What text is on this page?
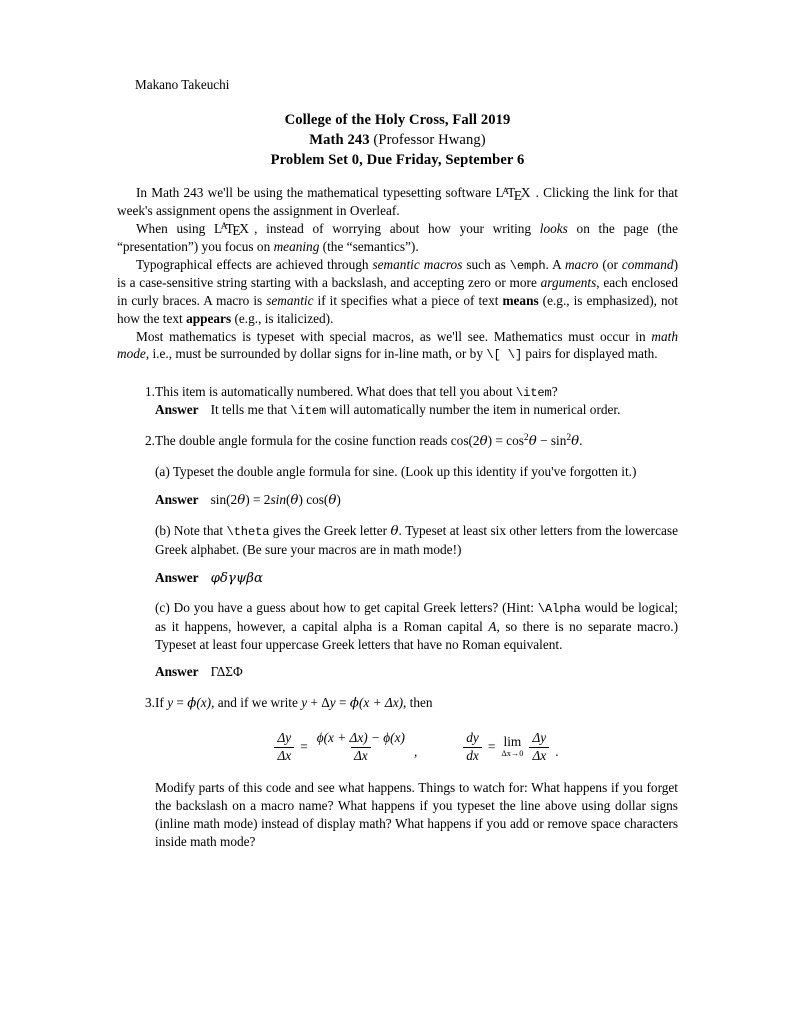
Makano Takeuchi
College of the Holy Cross, Fall 2019
Math 243 (Professor Hwang)
Problem Set 0, Due Friday, September 6

In Math 243 we'll be using the mathematical typesetting software $L^ATEX$ . Clicking the link for that week's assignment opens the assignment in Overleaf.

When using $L^ATEX$ , instead of worrying about how your writing looks on the page (the “presentation”) you focus on meaning (the “semantics”).

Typographical effects are achieved through semantic macros such as \emph. A macro (or command) is a case-sensitive string starting with a backslash, and accepting zero or more arguments, each enclosed in curly braces. A macro is semantic if it specifies what a piece of text means (e.g., is emphasized), not how the text appears (e.g., is italicized).

Most mathematics is typeset with special macros, as we'll see. Mathematics must occur in math mode, i.e., must be surrounded by dollar signs for in-line math, or by \[ \] pairs for displayed math.

1. This item is automatically numbered. What does that tell you about \item?
Answer It tells me that \item will automatically number the item in numerical order.
2. The double angle formula for the cosine function reads $\cos(2\theta) = \cos^2\theta - \sin^2\theta$.
(a) Typeset the double angle formula for sine. (Look up this identity if you've forgotten it.)
Answer sin(2θ) = 2sin(θ) cos(θ)
(b) Note that \theta gives the Greek letter θ. Typeset at least six other letters from the lowercase Greek alphabet. (Be sure your macros are in math mode!)
Answer φδγψβα
(c) Do you have a guess about how to get capital Greek letters? (Hint: \Alpha would be logical; as it happens, however, a capital alpha is a Roman capital A, so there is no separate macro.) Typeset at least four uppercase Greek letters that have no Roman equivalent.
Answer ΓΔΣΦ
3. If y = ϕ(x), and if we write y + Δy = ϕ(x + Δx), then
$\frac{\Delta y}{\Delta x} = \frac{\phi(x + \Delta x) - \phi(x)}{\Delta x}$ ,	$\frac{dy}{dx} = \lim$
$\Delta x\to 0 \frac{\Delta y}{\Delta x}$ .
Modify parts of this code and see what happens. Things to watch for: What happens if you forget the backslash on a macro name? What happens if you typeset the line above using dollar signs (inline math mode) instead of display math? What happens if you add or remove space characters inside math mode?
